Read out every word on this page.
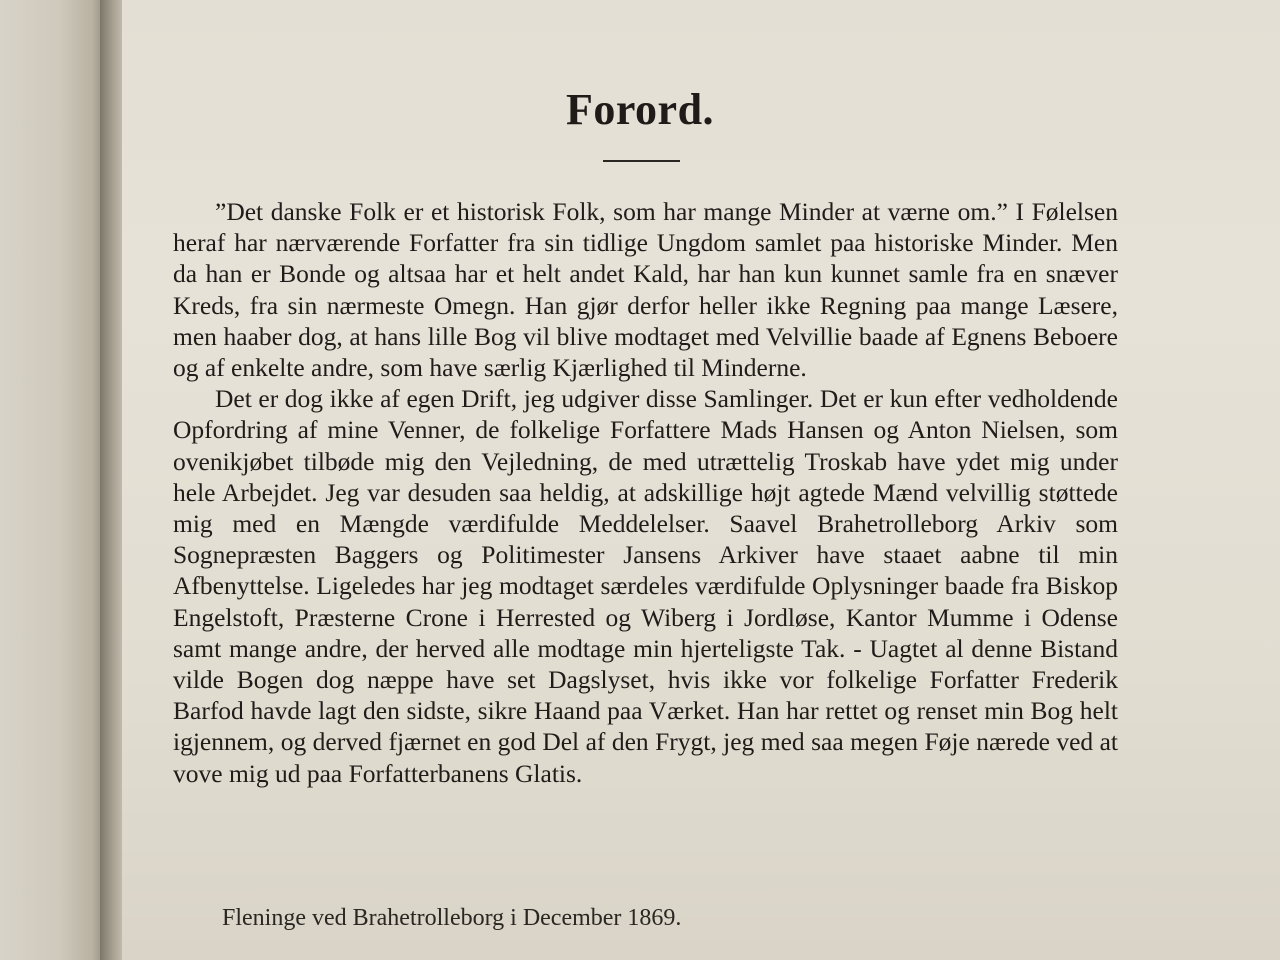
Forord.

”Det danske Folk er et historisk Folk, som har mange Minder at værne om.” I Følelsen heraf har nærværende Forfatter fra sin tidlige Ungdom samlet paa historiske Minder. Men da han er Bonde og altsaa har et helt andet Kald, har han kun kunnet samle fra en snæver Kreds, fra sin nærmeste Omegn. Han gjør derfor heller ikke Regning paa mange Læsere, men haaber dog, at hans lille Bog vil blive modtaget med Velvillie baade af Egnens Beboere og af enkelte andre, som have særlig Kjærlighed til Minderne.

Det er dog ikke af egen Drift, jeg udgiver disse Samlinger. Det er kun efter vedholdende Opfordring af mine Venner, de folkelige Forfattere Mads Hansen og Anton Nielsen, som ovenikjøbet tilbøde mig den Vejledning, de med utrættelig Troskab have ydet mig under hele Arbejdet. Jeg var desuden saa heldig, at adskillige højt agtede Mænd velvillig støttede mig med en Mængde værdifulde Meddelelser. Saavel Brahetrolleborg Arkiv som Sognepræsten Baggers og Politimester Jansens Arkiver have staaet aabne til min Afbenyttelse. Ligeledes har jeg modtaget særdeles værdifulde Oplysninger baade fra Biskop Engelstoft, Præsterne Crone i Herrested og Wiberg i Jordløse, Kantor Mumme i Odense samt mange andre, der herved alle modtage min hjerteligste Tak. - Uagtet al denne Bistand vilde Bogen dog næppe have set Dagslyset, hvis ikke vor folkelige Forfatter Frederik Barfod havde lagt den sidste, sikre Haand paa Værket. Han har rettet og renset min Bog helt igjennem, og derved fjærnet en god Del af den Frygt, jeg med saa megen Føje nærede ved at vove mig ud paa Forfatterbanens Glatis.

Fleninge ved Brahetrolleborg i December 1869.
